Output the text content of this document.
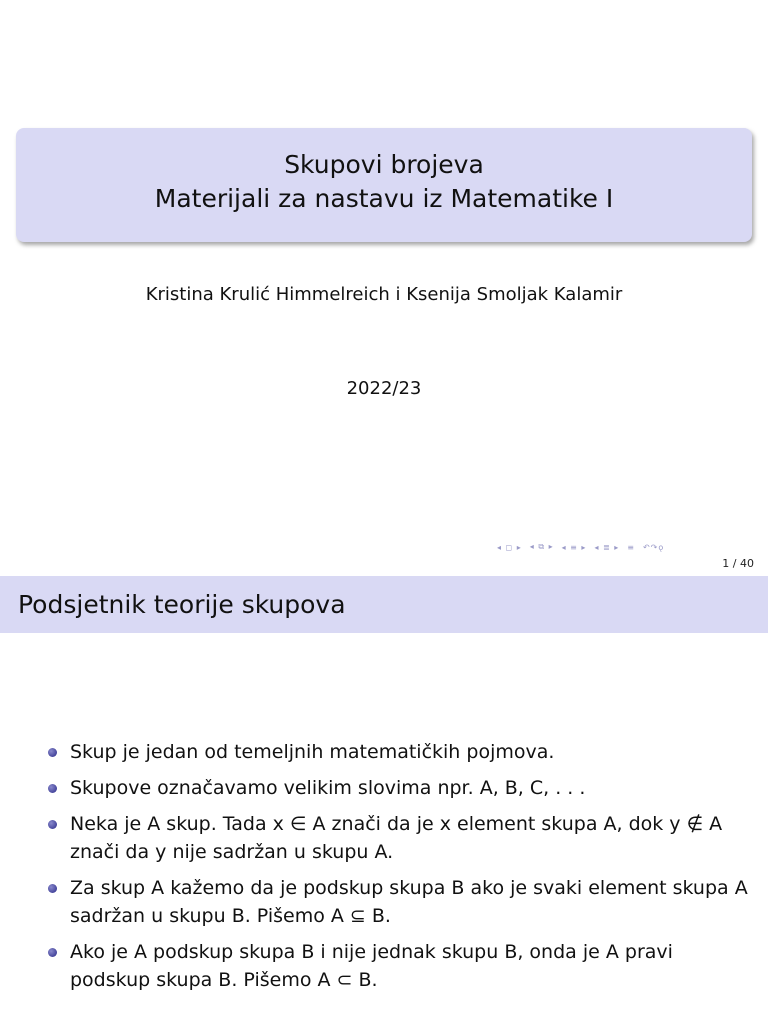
Skupovi brojeva
Materijali za nastavu iz Matematike I
Kristina Krulić Himmelreich i Ksenija Smoljak Kalamir
2022/23
◂ ◻ ▸ ◂ ⧉ ▸ ◂ ≡ ▸ ◂ ≣ ▸ ≡ ↶↷ǫ
1 / 40
Podsjetnik teorije skupova
Skup je jedan od temeljnih matematičkih pojmova.
Skupove označavamo velikim slovima npr. A, B, C, . . .
Neka je A skup. Tada x ∈ A znači da je x element skupa A, dok y ∉ A znači da y nije sadržan u skupu A.
Za skup A kažemo da je podskup skupa B ako je svaki element skupa A sadržan u skupu B. Pišemo A ⊆ B.
Ako je A podskup skupa B i nije jednak skupu B, onda je A pravi podskup skupa B. Pišemo A ⊂ B.
